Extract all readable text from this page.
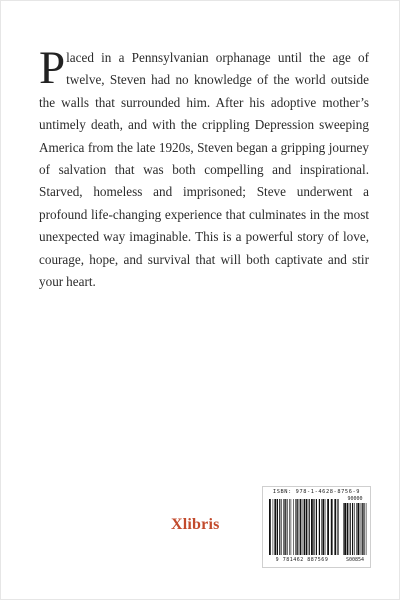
Placed in a Pennsylvanian orphanage until the age of twelve, Steven had no knowledge of the world outside the walls that surrounded him. After his adoptive mother’s untimely death, and with the crippling Depression sweeping America from the late 1920s, Steven began a gripping journey of salvation that was both compelling and inspirational. Starved, homeless and imprisoned; Steve underwent a profound life-changing experience that culminates in the most unexpected way imaginable. This is a powerful story of love, courage, hope, and survival that will both captivate and stir your heart.

Xlibris
ISBN: 978-1-4628-8756-9
90000
9 781462 887569	S00854
